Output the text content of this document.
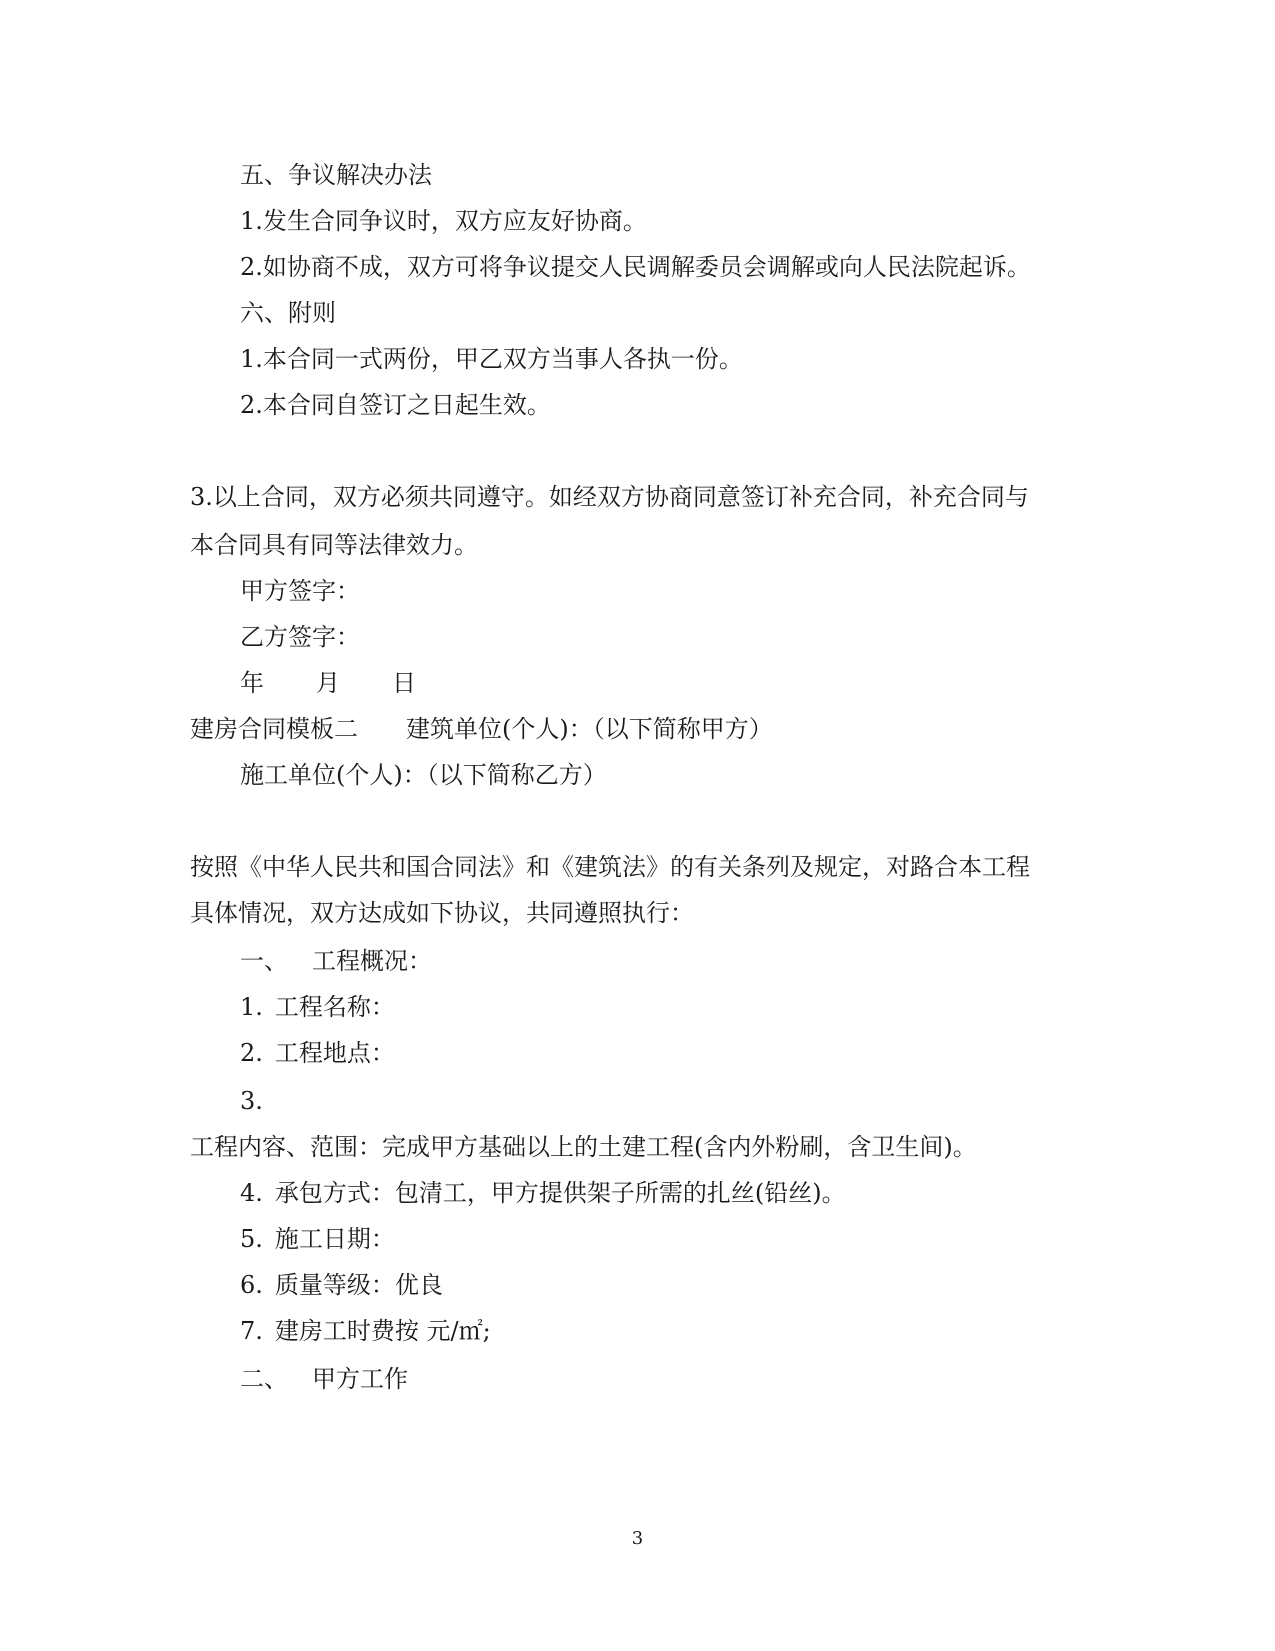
五、争议解决办法
1.发生合同争议时，双方应友好协商。
2.如协商不成，双方可将争议提交人民调解委员会调解或向人民法院起诉。
六、附则
1.本合同一式两份，甲乙双方当事人各执一份。
2.本合同自签订之日起生效。
3.以上合同，双方必须共同遵守。如经双方协商同意签订补充合同，补充合同与
本合同具有同等法律效力。
甲方签字：
乙方签字：
年 月 日
建房合同模板二 建筑单位(个人)：（以下简称甲方）
施工单位(个人)：（以下简称乙方）
按照《中华人民共和国合同法》和《建筑法》的有关条列及规定，对路合本工程
具体情况，双方达成如下协议，共同遵照执行：
一、 工程概况：
1. 工程名称：
2. 工程地点：
3.
工程内容、范围：完成甲方基础以上的土建工程(含内外粉刷，含卫生间)。
4. 承包方式：包清工，甲方提供架子所需的扎丝(铅丝)。
5. 施工日期：
6. 质量等级：优良
7. 建房工时费按 元/㎡;
二、 甲方工作
3
